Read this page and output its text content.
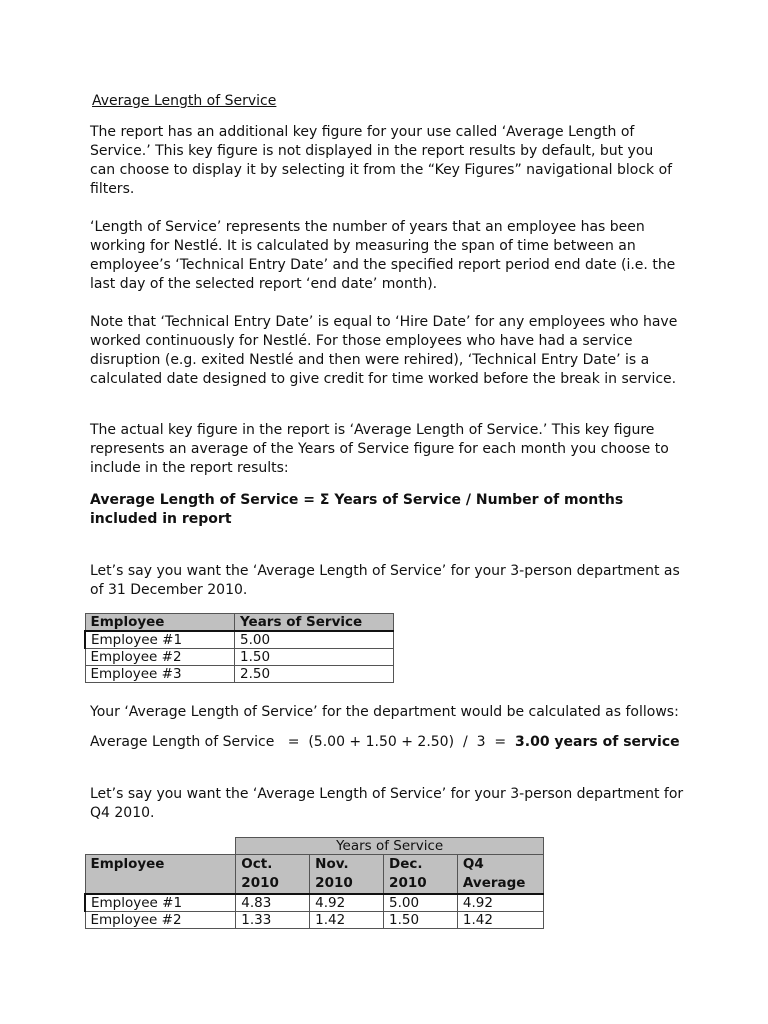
Average Length of Service

The report has an additional key figure for your use called ‘Average Length of

Service.’ This key figure is not displayed in the report results by default, but you

can choose to display it by selecting it from the “Key Figures” navigational block of

filters.

‘Length of Service’ represents the number of years that an employee has been

working for Nestlé. It is calculated by measuring the span of time between an

employee’s ‘Technical Entry Date’ and the specified report period end date (i.e. the

last day of the selected report ‘end date’ month).

Note that ‘Technical Entry Date’ is equal to ‘Hire Date’ for any employees who have

worked continuously for Nestlé. For those employees who have had a service

disruption (e.g. exited Nestlé and then were rehired), ‘Technical Entry Date’ is a

calculated date designed to give credit for time worked before the break in service.

The actual key figure in the report is ‘Average Length of Service.’ This key figure

represents an average of the Years of Service figure for each month you choose to

include in the report results:

Average Length of Service = Σ Years of Service / Number of months

included in report

Let’s say you want the ‘Average Length of Service’ for your 3-person department as

of 31 December 2010.

Employee	Years of Service
Employee #1	5.00
Employee #2	1.50
Employee #3	2.50

Your ‘Average Length of Service’ for the department would be calculated as follows:

Average Length of Service   =  (5.00 + 1.50 + 2.50)  /  3  =  3.00 years of service

Let’s say you want the ‘Average Length of Service’ for your 3-person department for

Q4 2010.

	Years of Service			
Employee	Oct. 2010	Nov. 2010	Dec. 2010	Q4 Average
Employee #1	4.83	4.92	5.00	4.92
Employee #2	1.33	1.42	1.50	1.42
